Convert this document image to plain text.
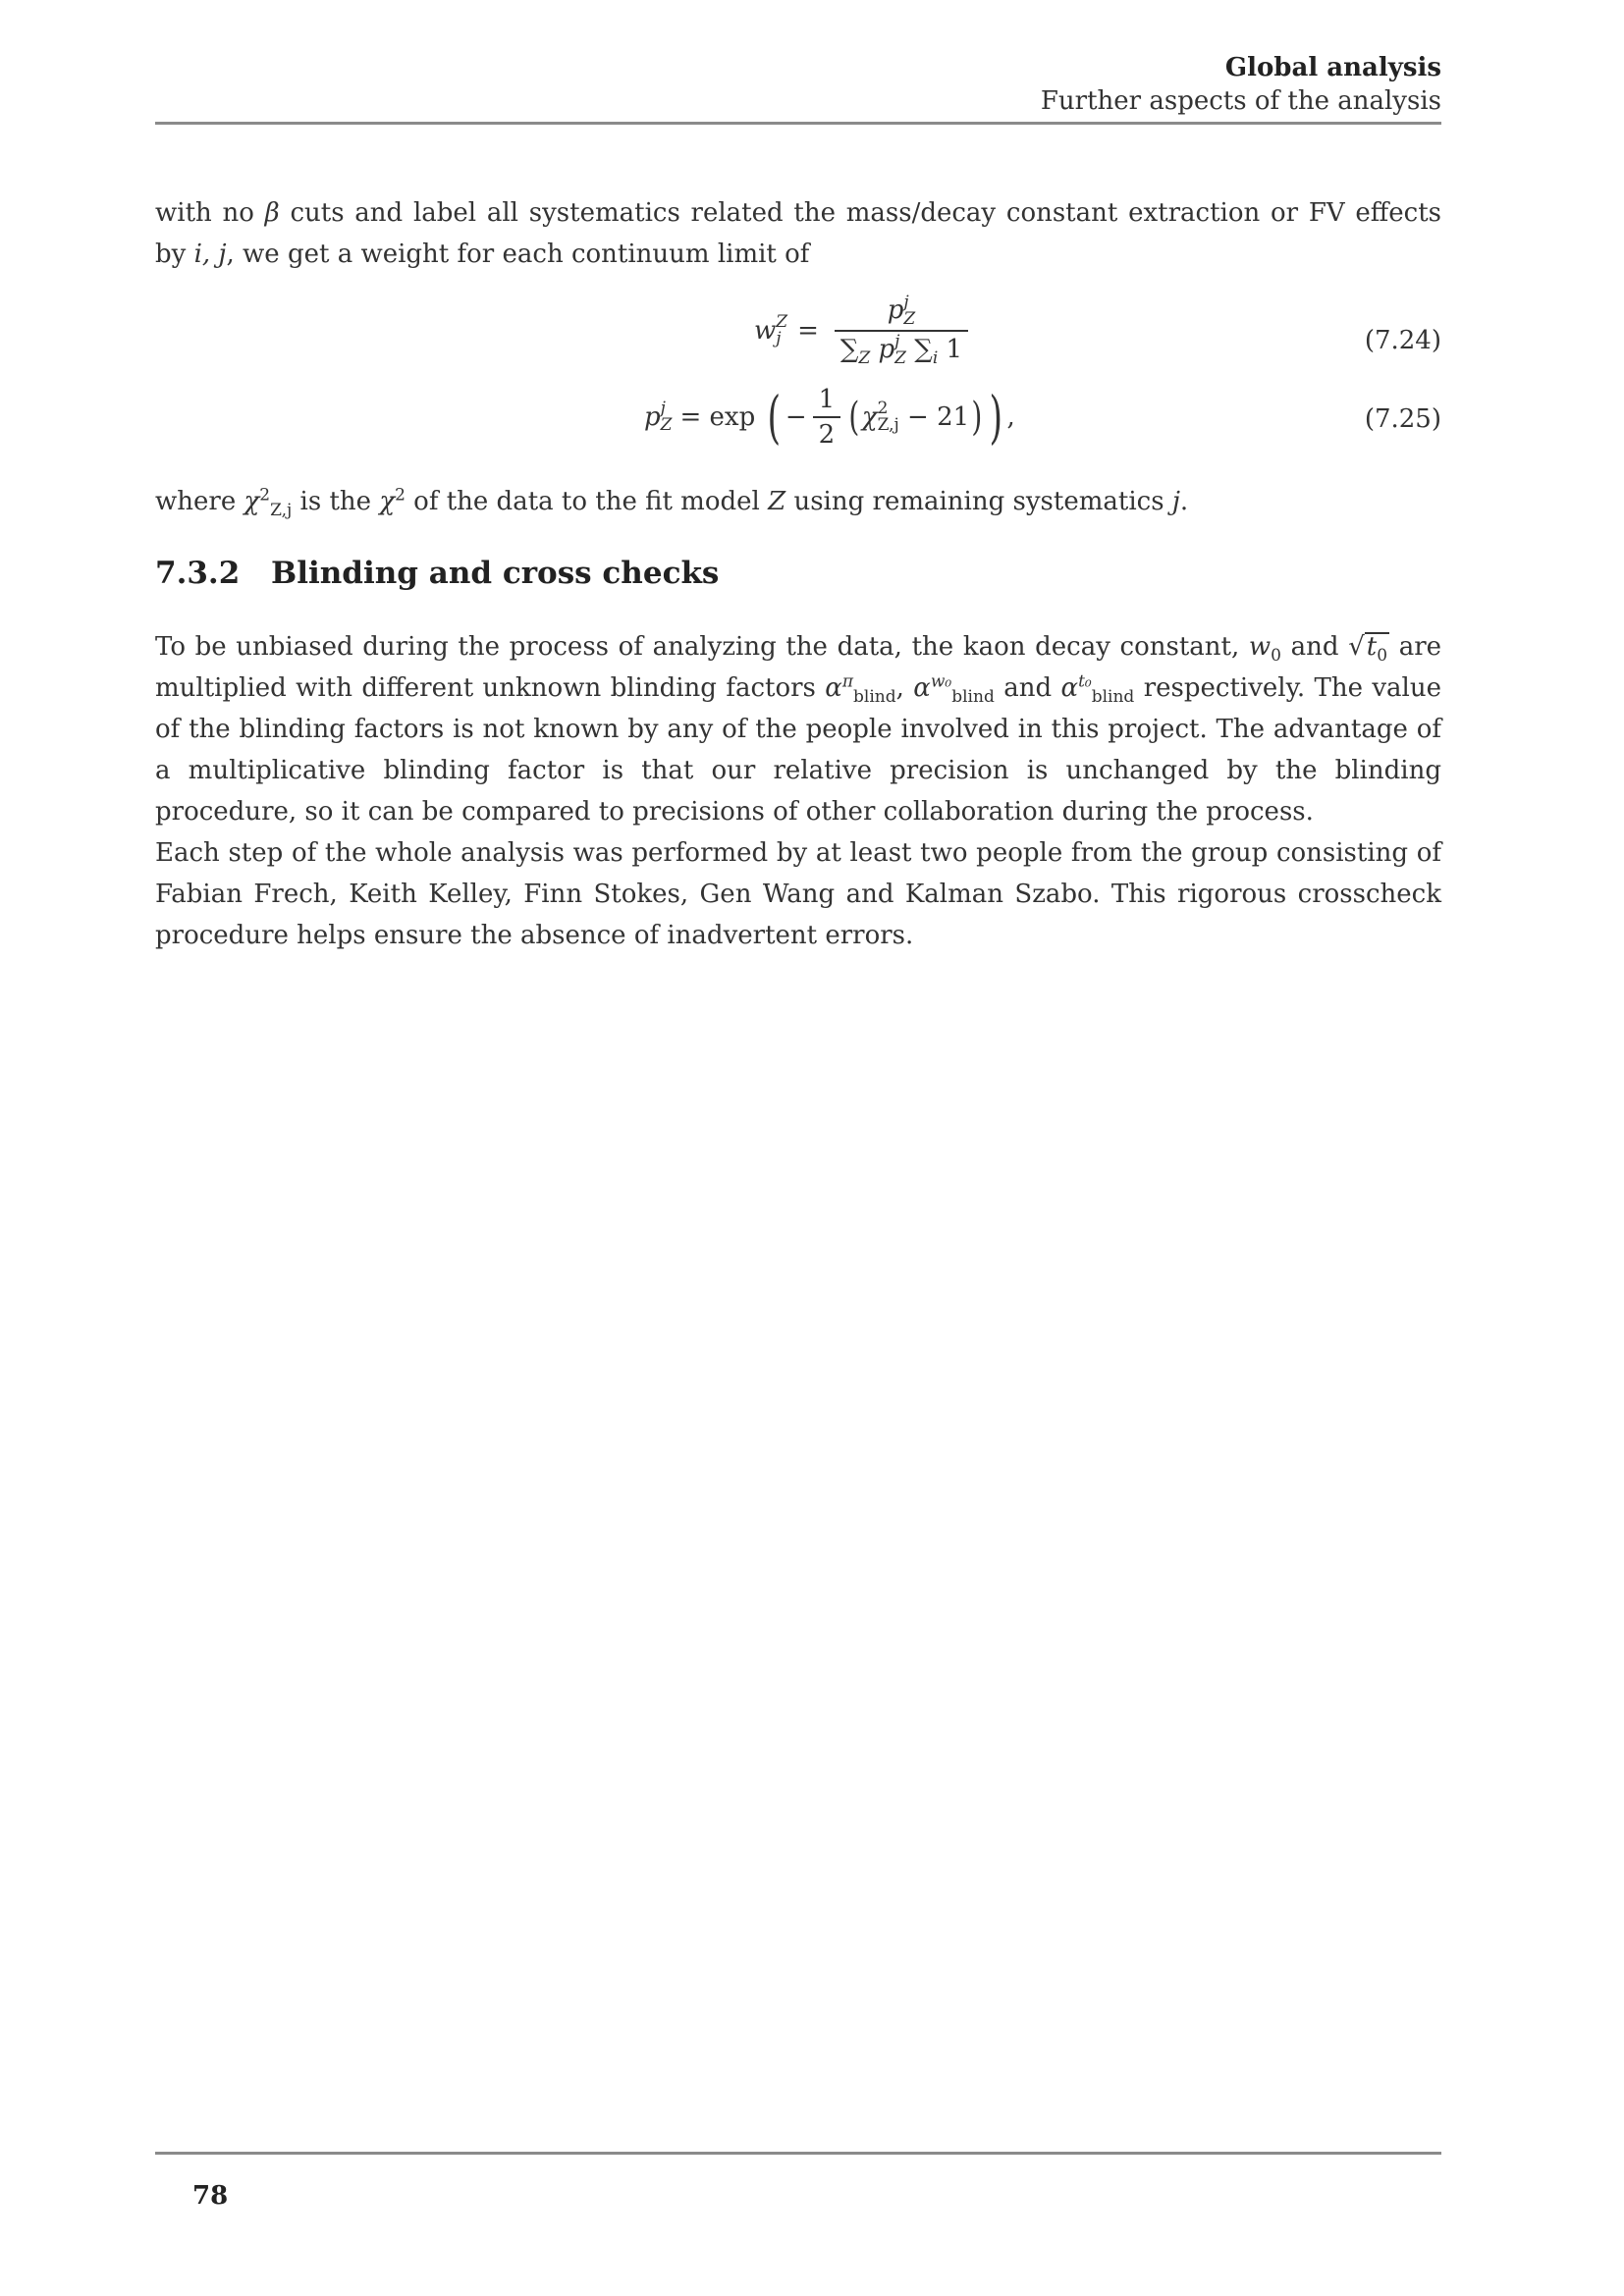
Global analysis
Further aspects of the analysis
with no β cuts and label all systematics related the mass/decay constant extraction or FV effects by i, j, we get a weight for each continuum limit of
w Z
j = p j
Z
$\sum_Z$ p j
Z $\sum_i$ 1	(7.24)
p j
Z = exp ( − $\frac{1}{2}$ ( χ 2
Z,j − 21 ) ) ,	(7.25)
where $\chi^2_{Z,j}$ is the $\chi^2$ of the data to the fit model Z using remaining systematics j.
7.3.2 Blinding and cross checks
To be unbiased during the process of analyzing the data, the kaon decay constant, $w_0$ and $√t_0$ are multiplied with different unknown blinding factors $\alpha^\pi_{blind}$, $\alpha^{w_0}_{blind}$ and $\alpha^{t_0}_{blind}$ respectively. The value of the blinding factors is not known by any of the people involved in this project. The advantage of a multiplicative blinding factor is that our relative precision is unchanged by the blinding procedure, so it can be compared to precisions of other collaboration during the process.
Each step of the whole analysis was performed by at least two people from the group consisting of Fabian Frech, Keith Kelley, Finn Stokes, Gen Wang and Kalman Szabo. This rigorous crosscheck procedure helps ensure the absence of inadvertent errors.
78
